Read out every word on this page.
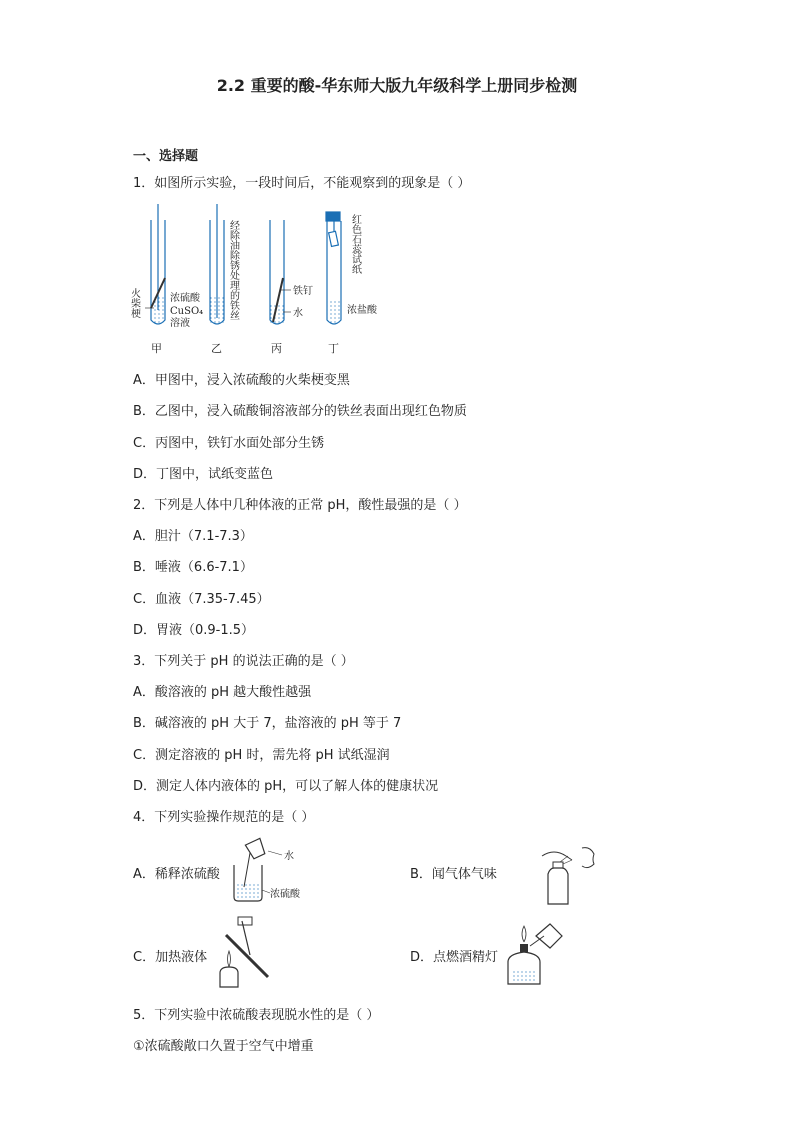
2.2 重要的酸-华东师大版九年级科学上册同步检测
一、选择题
1．如图所示实验，一段时间后，不能观察到的现象是（ ）
火柴梗	浓硫酸
CuSO₄
溶液
经除油除锈处理的铁丝	铁钉
水
红色石蕊试纸
浓盐酸
甲	乙	丙	丁
A．甲图中，浸入浓硫酸的火柴梗变黑
B．乙图中，浸入硫酸铜溶液部分的铁丝表面出现红色物质
C．丙图中，铁钉水面处部分生锈
D．丁图中，试纸变蓝色
2．下列是人体中几种体液的正常 pH，酸性最强的是（ ）
A．胆汁（7.1-7.3）
B．唾液（6.6-7.1）
C．血液（7.35-7.45）
D．胃液（0.9-1.5）
3．下列关于 pH 的说法正确的是（ ）
A．酸溶液的 pH 越大酸性越强
B．碱溶液的 pH 大于 7，盐溶液的 pH 等于 7
C．测定溶液的 pH 时，需先将 pH 试纸湿润
D．测定人体内液体的 pH，可以了解人体的健康状况
4．下列实验操作规范的是（ ）
A．稀释浓硫酸
水
浓硫酸
B．闻气体气味
C．加热液体	D．点燃酒精灯
5．下列实验中浓硫酸表现脱水性的是（ ）
①浓硫酸敞口久置于空气中增重
